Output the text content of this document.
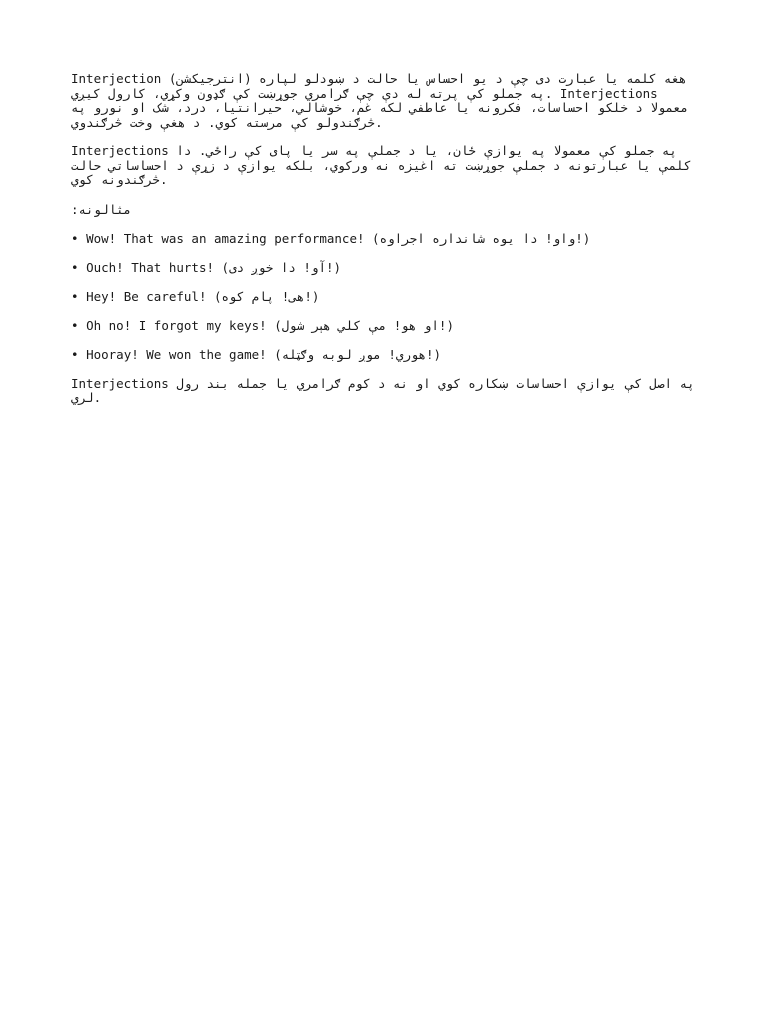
Interjection (انترجيکشن) هغه کلمه يا عبارت دی چې د يو احساس يا حالت د ښودلو لپاره په جملو کې پرته له دې چې ګرامري جوړښت کې ګډون وکړي، کارول کيږي. Interjections معمولا د خلکو احساسات، فکرونه يا عاطفي لکه غم، خوشالي، حيرانتيا، درد، شک او نورو په څرګندولو کې مرسته کوي. د هغې وخت څرګندوي.

Interjections په جملو کې معمولا په يوازې ځان، يا د جملې په سر يا پای کې راځي. دا کلمې يا عبارتونه د جملې جوړښت ته اغيزه نه ورکوي، بلکه يوازې د زړې د احساساتي حالت څرګندونه کوي.

مثالونه:

• Wow! That was an amazing performance! (واو! دا يوه شانداره اجراوه!)

• Ouch! That hurts! (آو! دا خوږ دی!)

• Hey! Be careful! (هی! پام کوه!)

• Oh no! I forgot my keys! (او هو! مې کلي هېر شول!)

• Hooray! We won the game! (هوري! موږ لوبه وګټله!)

Interjections په اصل کې يوازې احساسات ښکاره کوي او نه د کوم ګرامري يا جمله بند رول لري.
